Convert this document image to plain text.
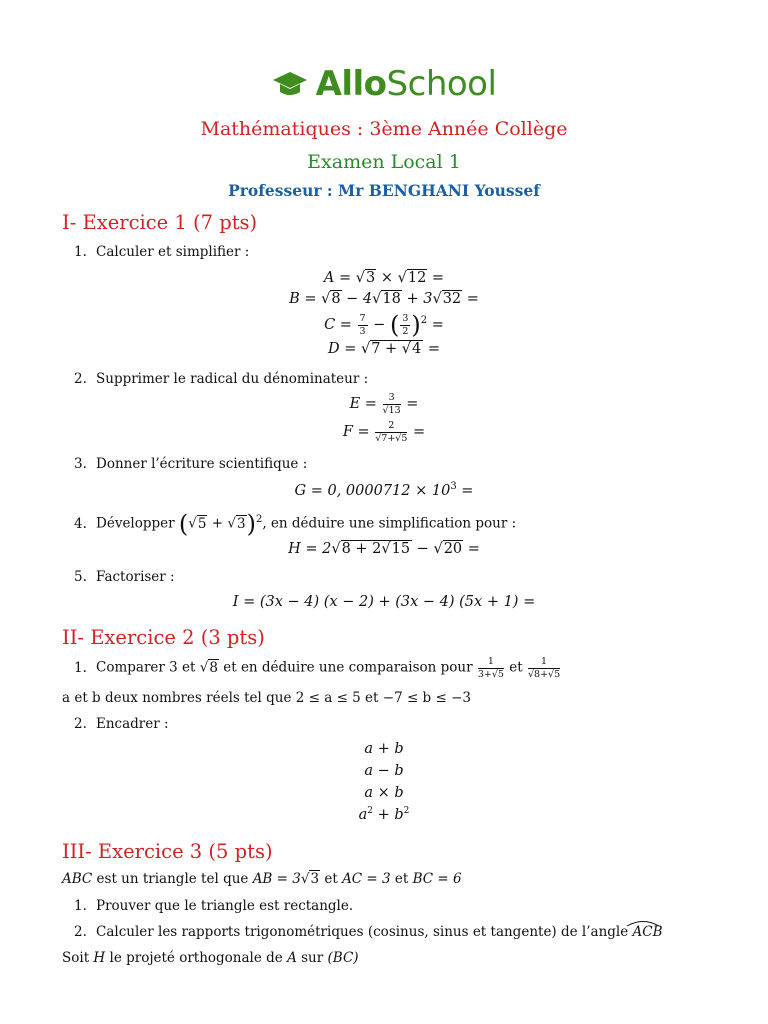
AlloSchool
Mathématiques : 3ème Année Collège
Examen Local 1
Professeur : Mr BENGHANI Youssef
I- Exercice 1 (7 pts)
1. Calculer et simplifier :
A = √3 × √12 =
B = √8 − 4√18 + 3√32 =
$C = \frac{7}{3}$ − ( $\frac{3}{2} )^2$ =
D = √7 + √4 =
2. Supprimer le radical du dénominateur :
$E = \frac{3}{√13}$ =
$F = \frac{2}{√7+√5}$ =
3. Donner l’écriture scientifique :
G = 0, $0000712 \times 10^3$ =
4. Développer $(√5 + √3)^2$, en déduire une simplification pour :
H = 2√8 + 2√15 − √20 =
5. Factoriser :
I = (3x − 4) (x − 2) + (3x − 4) (5x + 1) =
II- Exercice 2 (3 pts)
1. Comparer 3 et √8 et en déduire une comparaison pour $\frac{1}{3+√5}$ et $\frac{1}{√8+√5}$
a et b deux nombres réels tel que 2 ≤ a ≤ 5 et −7 ≤ b ≤ −3
2. Encadrer :
a + b
a − b
a × b
$a^2 + b^2$
III- Exercice 3 (5 pts)
ABC est un triangle tel que AB = 3√3 et AC = 3 et BC = 6
1. Prouver que le triangle est rectangle.
2. Calculer les rapports trigonométriques (cosinus, sinus et tangente) de l’angle ACB
Soit H le projeté orthogonale de A sur (BC)
